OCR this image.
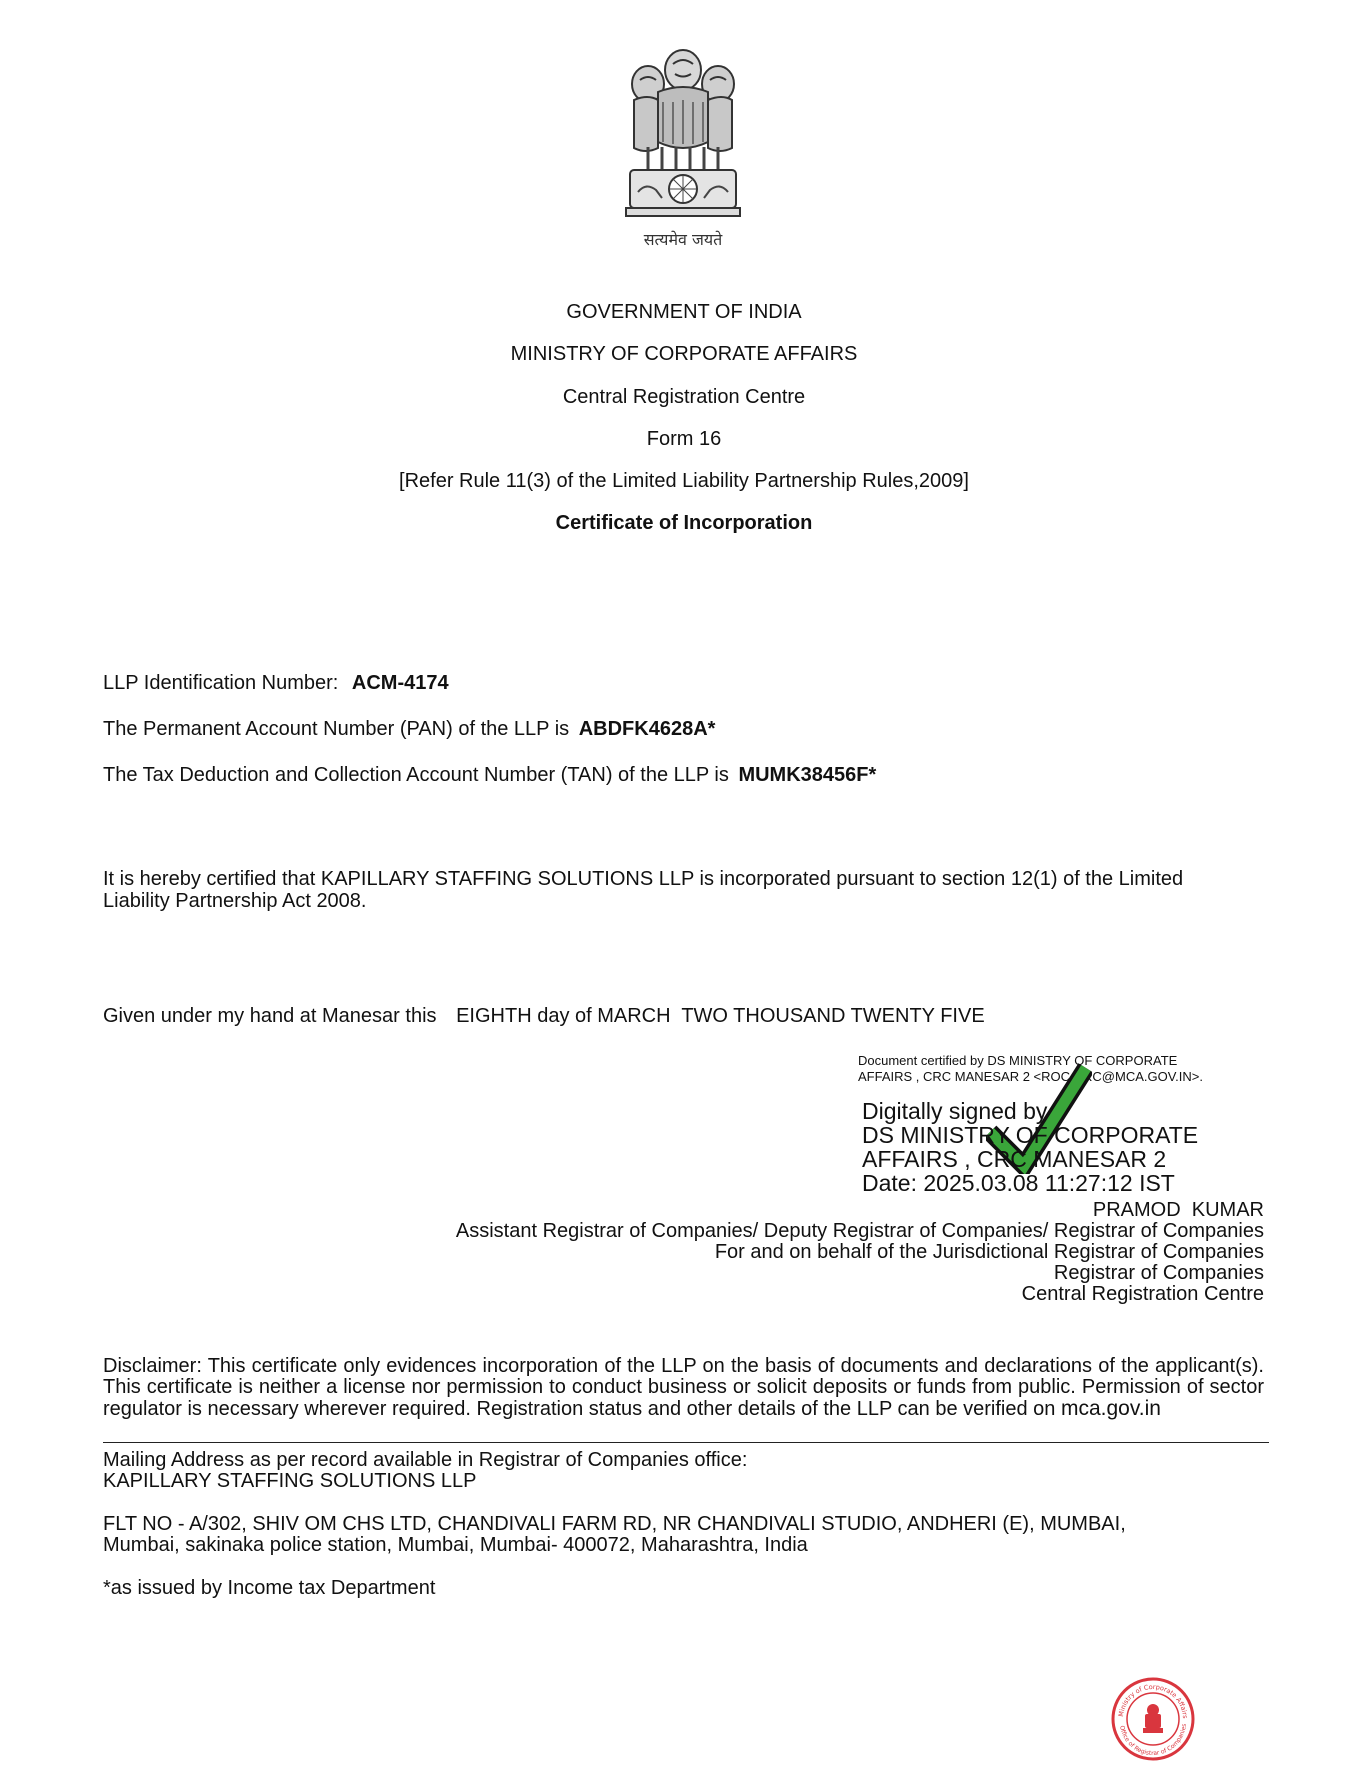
सत्यमेव जयते
GOVERNMENT OF INDIA
MINISTRY OF CORPORATE AFFAIRS
Central Registration Centre
Form 16
[Refer Rule 11(3) of the Limited Liability Partnership Rules,2009]
Certificate of Incorporation
LLP Identification Number: ACM-4174
The Permanent Account Number (PAN) of the LLP is ABDFK4628A*
The Tax Deduction and Collection Account Number (TAN) of the LLP is MUMK38456F*
It is hereby certified that KAPILLARY STAFFING SOLUTIONS LLP is incorporated pursuant to section 12(1) of the Limited
Liability Partnership Act 2008.
Given under my hand at Manesar this EIGHTH day of MARCH  TWO THOUSAND TWENTY FIVE
Document certified by DS MINISTRY OF CORPORATE
AFFAIRS , CRC MANESAR 2 <ROC.CRC@MCA.GOV.IN>.
Digitally signed by
DS MINISTRY OF CORPORATE
AFFAIRS , CRC MANESAR 2
Date: 2025.03.08 11:27:12 IST
PRAMOD  KUMAR
Assistant Registrar of Companies/ Deputy Registrar of Companies/ Registrar of Companies
For and on behalf of the Jurisdictional Registrar of Companies
Registrar of Companies
Central Registration Centre
Disclaimer: This certificate only evidences incorporation of the LLP on the basis of documents and declarations of the applicant(s). This certificate is neither a license nor permission to conduct business or solicit deposits or funds from public. Permission of sector regulator is necessary wherever required. Registration status and other details of the LLP can be verified on mca.gov.in
Mailing Address as per record available in Registrar of Companies office:
KAPILLARY STAFFING SOLUTIONS LLP
FLT NO - A/302, SHIV OM CHS LTD, CHANDIVALI FARM RD, NR CHANDIVALI STUDIO, ANDHERI (E), MUMBAI,
Mumbai, sakinaka police station, Mumbai, Mumbai- 400072, Maharashtra, India
*as issued by Income tax Department
Ministry of Corporate Affairs
Office of Registrar of Companies
